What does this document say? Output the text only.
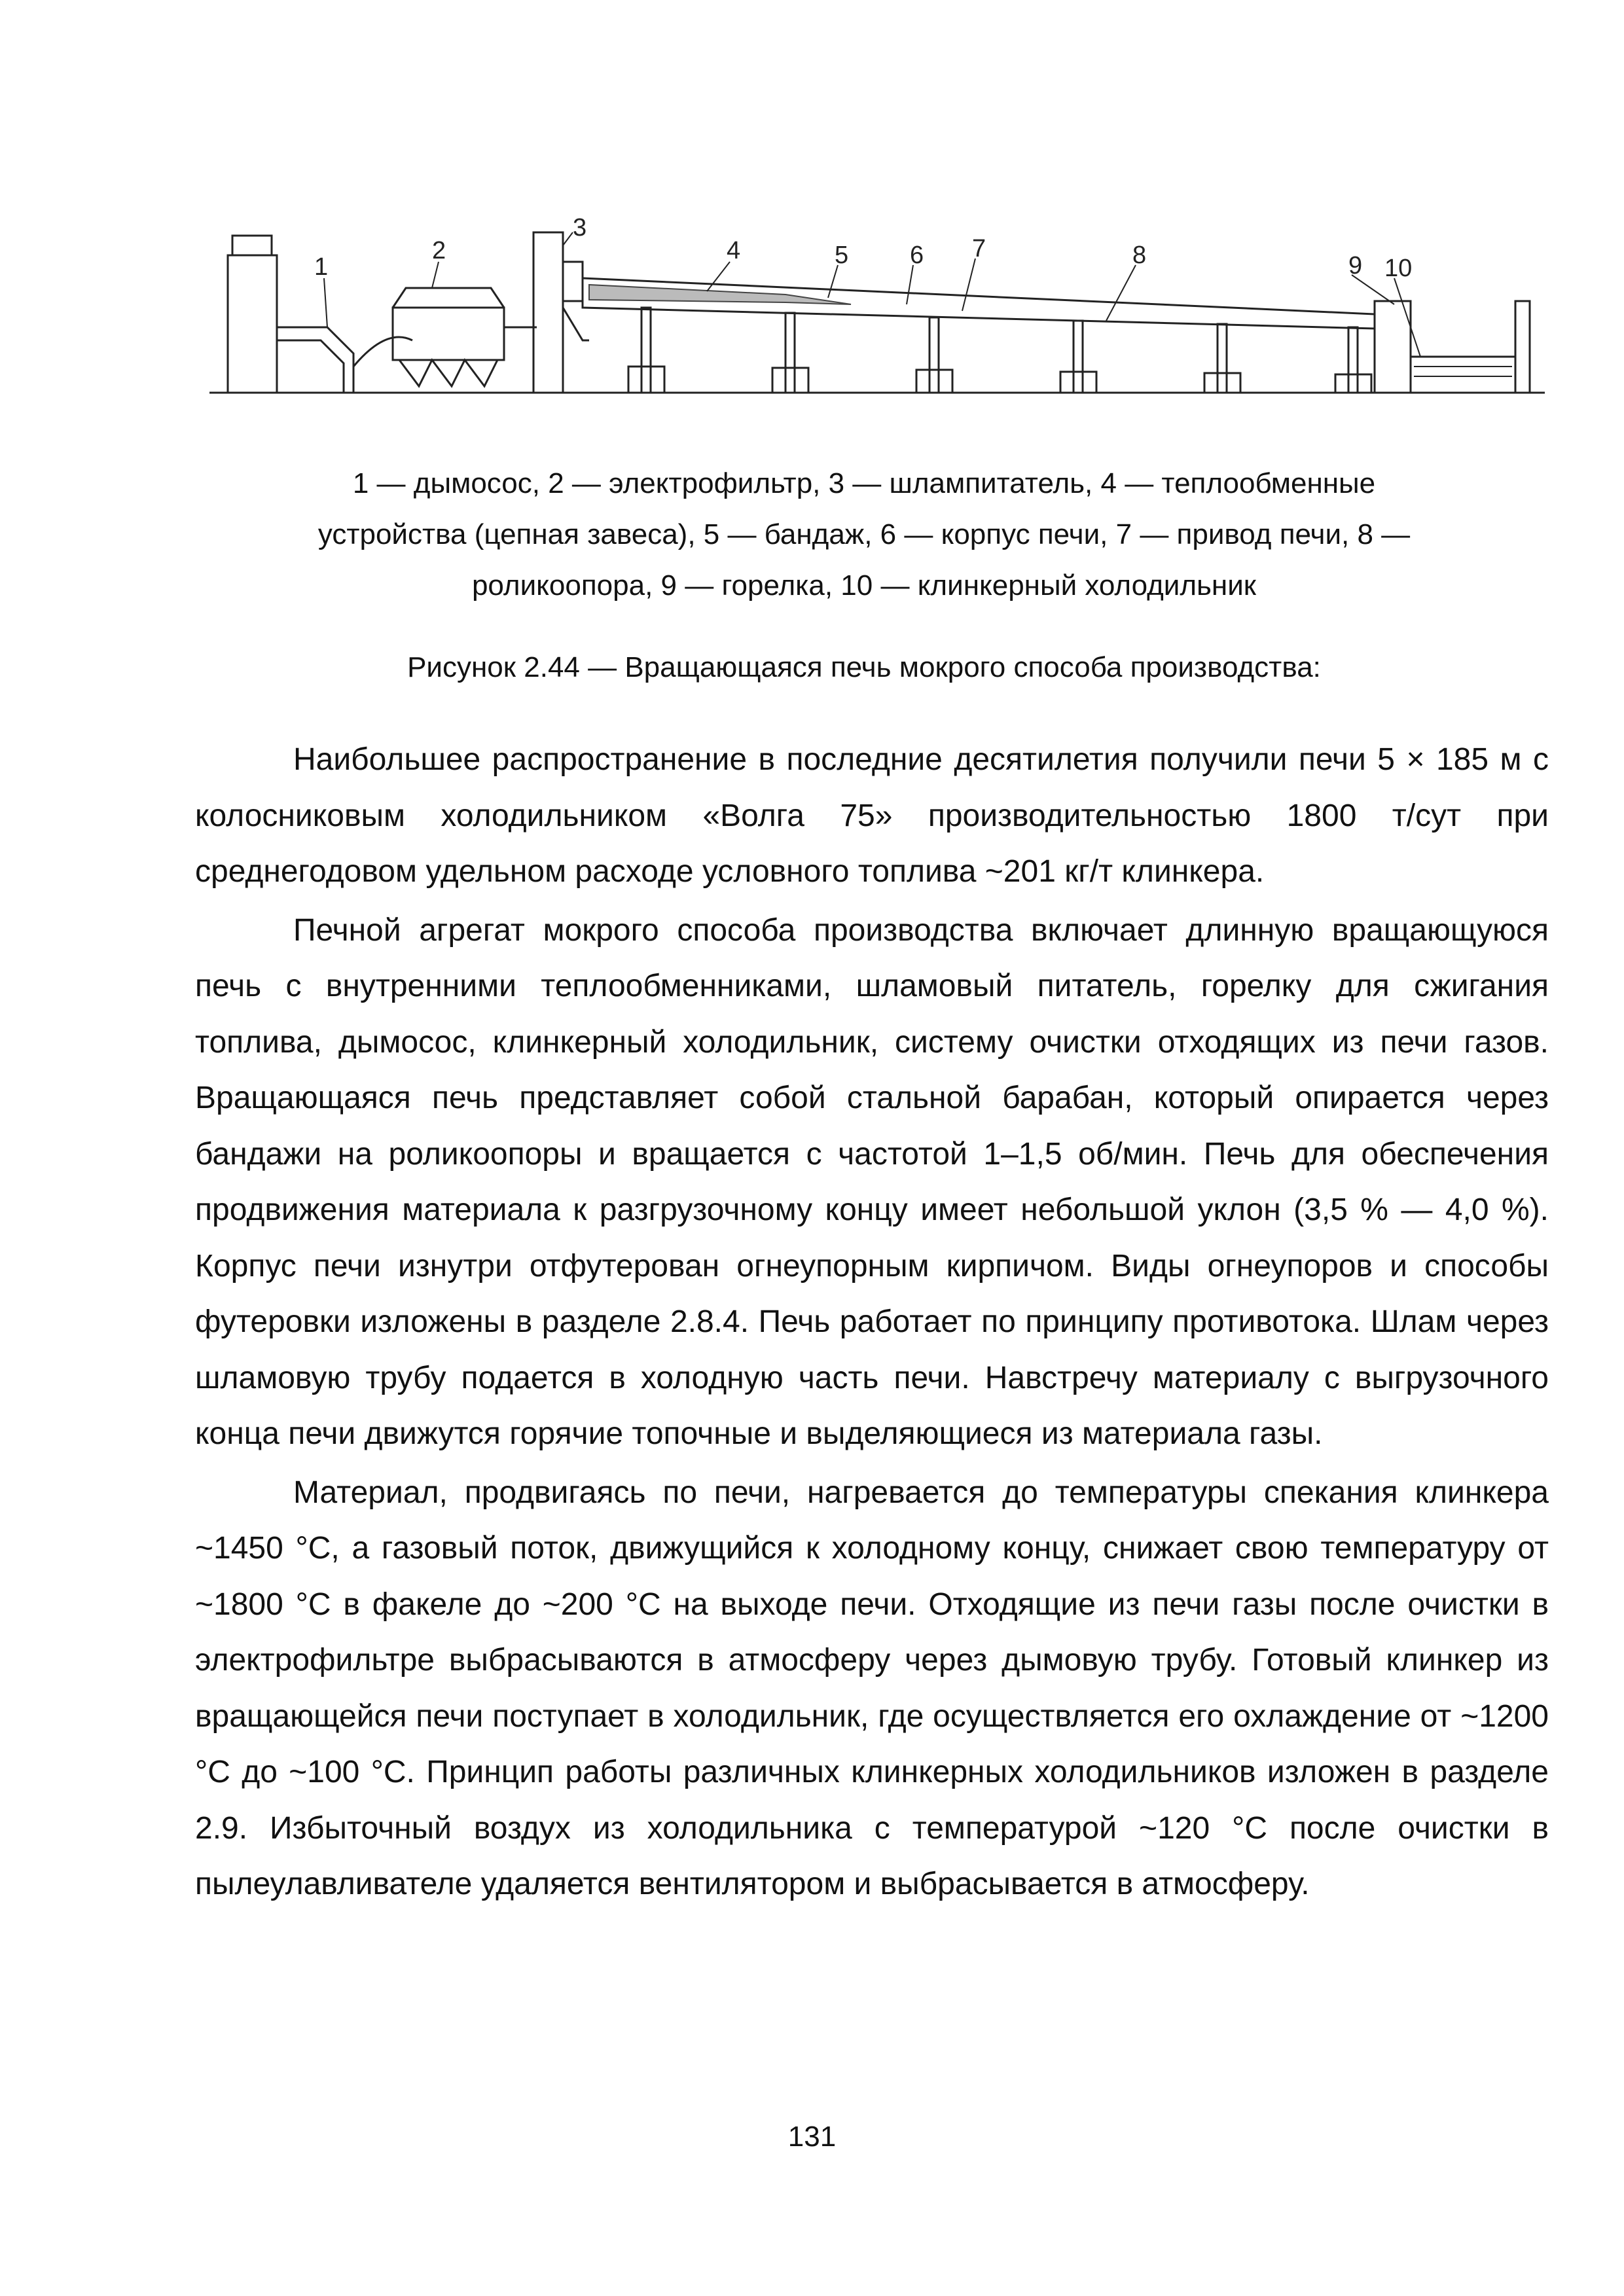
1
2
3
4	5 6 7	8	9 10

1 — дымосос, 2 — электрофильтр, 3 — шлампитатель, 4 — теплообменные

устройства (цепная завеса), 5 — бандаж, 6 — корпус печи, 7 — привод печи, 8 —

роликоопора, 9 — горелка, 10 — клинкерный холодильник

Рисунок 2.44 — Вращающаяся печь мокрого способа производства:

Наибольшее распространение в последние десятилетия получили печи 5 × 185 м с колосниковым холодильником «Волга 75» производительностью 1800 т/сут при среднегодовом удельном расходе условного топлива ~201 кг/т клинкера.

Печной агрегат мокрого способа производства включает длинную вращающуюся печь с внутренними теплообменниками, шламовый питатель, горелку для сжигания топлива, дымосос, клинкерный холодильник, систему очистки отходящих из печи газов. Вращающаяся печь представляет собой стальной барабан, который опирается через бандажи на роликоопоры и вращается с частотой 1–1,5 об/мин. Печь для обеспечения продвижения материала к разгрузочному концу имеет небольшой уклон (3,5 % — 4,0 %). Корпус печи изнутри отфутерован огнеупорным кирпичом. Виды огнеупоров и способы футеровки изложены в разделе 2.8.4. Печь работает по принципу противотока. Шлам через шламовую трубу подается в холодную часть печи. Навстречу материалу с выгрузочного конца печи движутся горячие топочные и выделяющиеся из материала газы.

Материал, продвигаясь по печи, нагревается до температуры спекания клинкера ~1450 °С, а газовый поток, движущийся к холодному концу, снижает свою температуру от ~1800 °С в факеле до ~200 °С на выходе печи. Отходящие из печи газы после очистки в электрофильтре выбрасываются в атмосферу через дымовую трубу. Готовый клинкер из вращающейся печи поступает в холодильник, где осуществляется его охлаждение от ~1200 °С до ~100 °С. Принцип работы различных клинкерных холодильников изложен в разделе 2.9. Избыточный воздух из холодильника с температурой ~120 °С после очистки в пылеулавливателе удаляется вентилятором и выбрасывается в атмосферу.

131
